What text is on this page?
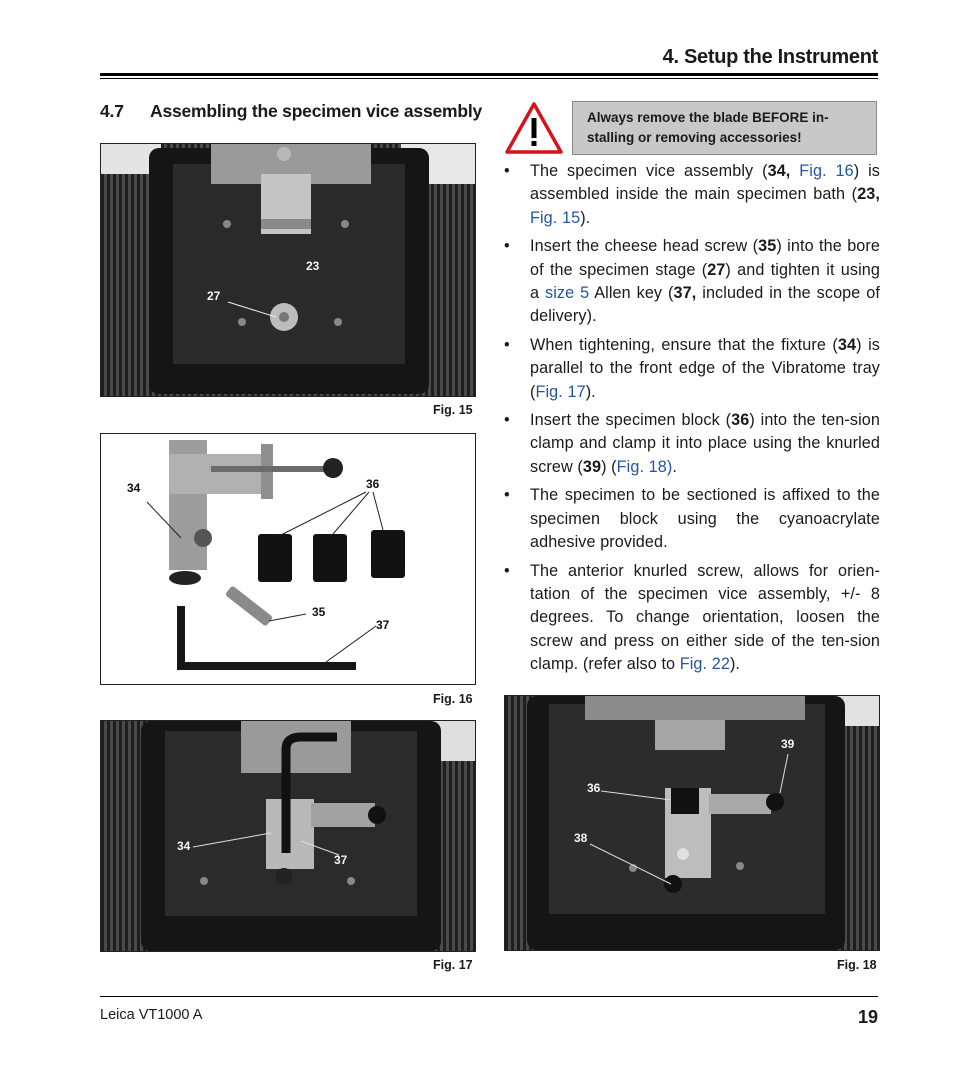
4. Setup the Instrument
4.7 Assembling the specimen vice assembly
23
27
Fig. 15
34	36
35
37
Fig. 16
34
37
Fig. 17
Always remove the blade BEFORE in-stalling or removing accessories!
• The specimen vice assembly (34, Fig. 16) is assembled inside the main specimen bath (23, Fig. 15).
• Insert the cheese head screw (35) into the bore of the specimen stage (27) and tighten it using a size 5 Allen key (37, included in the scope of delivery).
• When tightening, ensure that the fixture (34) is parallel to the front edge of the Vibratome tray (Fig. 17).
• Insert the specimen block (36) into the ten-sion clamp and clamp it into place using the knurled screw (39) (Fig. 18).
• The specimen to be sectioned is affixed to the specimen block using the cyanoacrylate adhesive provided.
• The anterior knurled screw, allows for orien-tation of the specimen vice assembly, +/- 8 degrees. To change orientation, loosen the screw and press on either side of the ten-sion clamp. (refer also to Fig. 22).
39
36
38
Fig. 18
Leica VT1000 A	19
